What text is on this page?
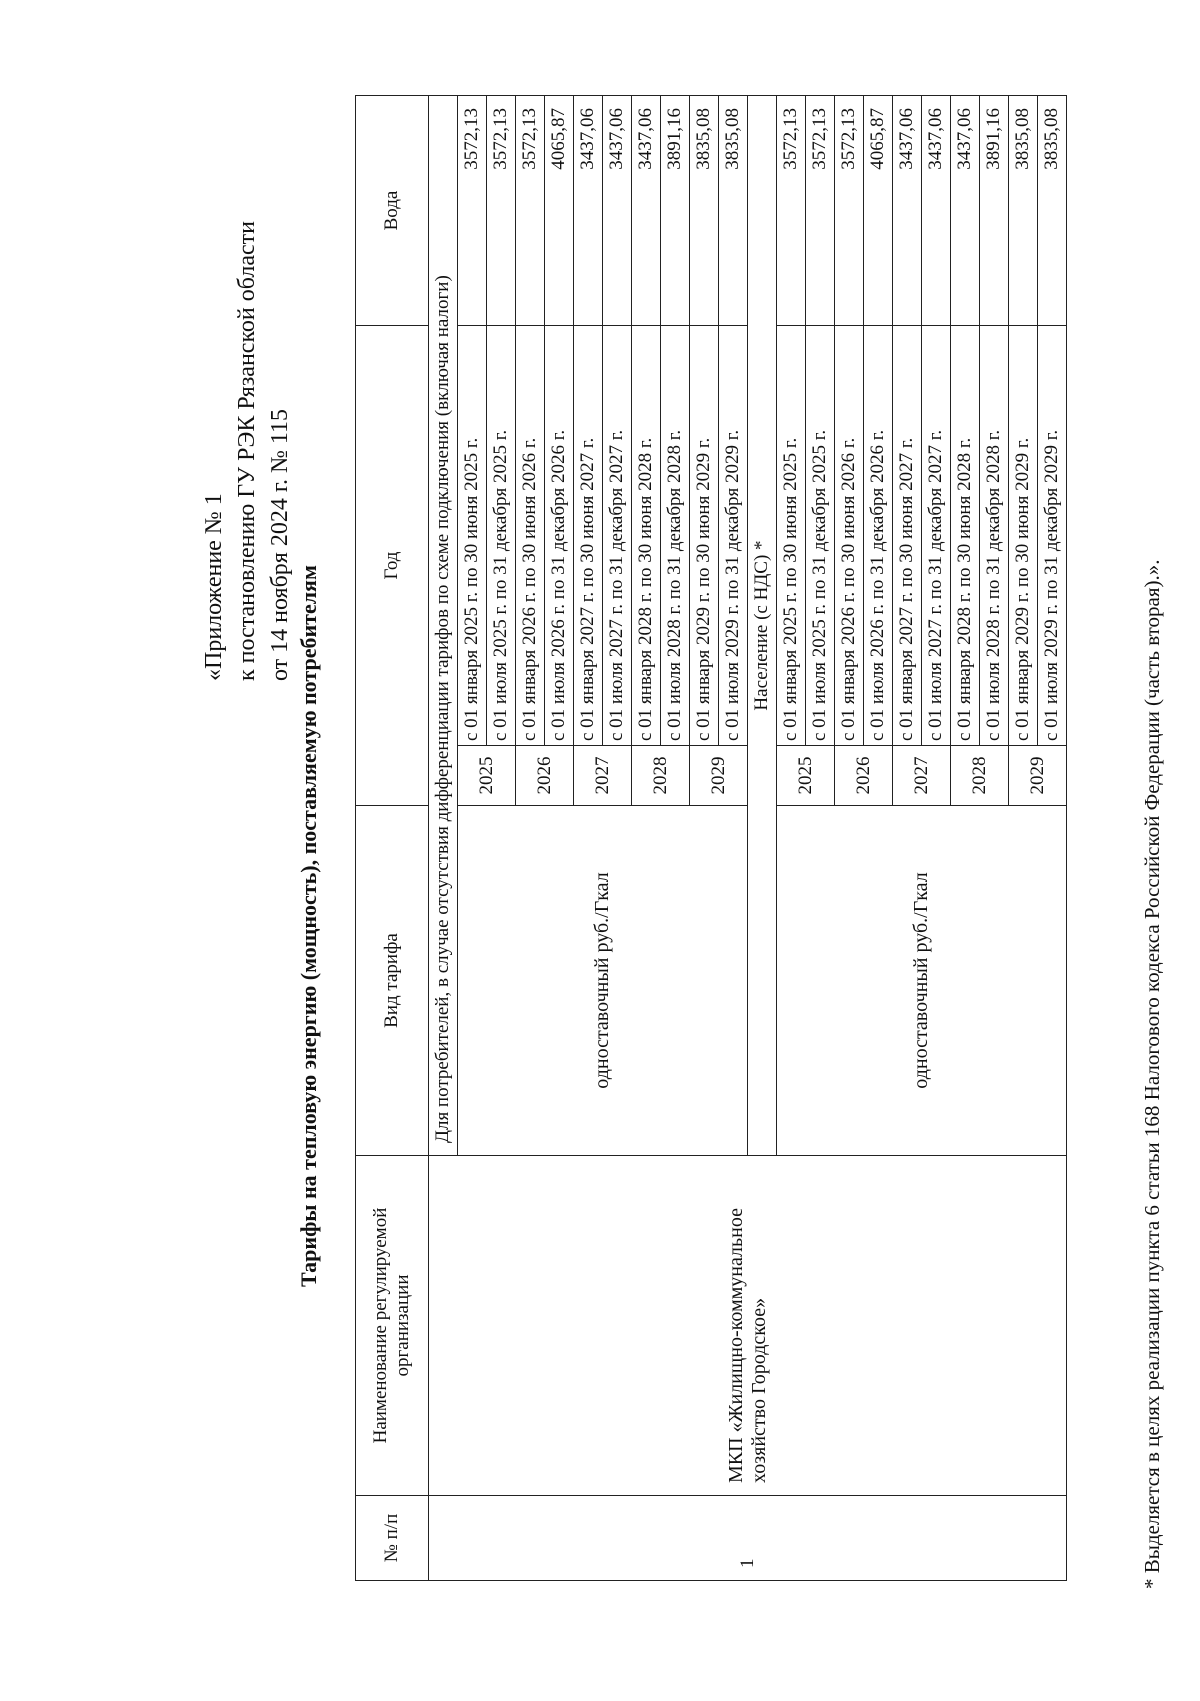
«Приложение № 1 к постановлению ГУ РЭК Рязанской области от 14 ноября 2024 г. № 115
Тарифы на тепловую энергию (мощность), поставляемую потребителям
№ п/п	Наименование регулируемой организации	Вид тарифа	Год		Вода
1	МКП «Жилищно-коммунальное хозяйство Городское»	Для потребителей, в случае отсутствия дифференциации тарифов по схеме подключения (включая налоги)			
		одноставочный руб./Гкал	2025	с 01 января 2025 г. по 30 июня 2025 г.	3572,13
				с 01 июля 2025 г. по 31 декабря 2025 г.	3572,13
			2026	с 01 января 2026 г. по 30 июня 2026 г.	3572,13
				с 01 июля 2026 г. по 31 декабря 2026 г.	4065,87
			2027	с 01 января 2027 г. по 30 июня 2027 г.	3437,06
				с 01 июля 2027 г. по 31 декабря 2027 г.	3437,06
			2028	с 01 января 2028 г. по 30 июня 2028 г.	3437,06
				с 01 июля 2028 г. по 31 декабря 2028 г.	3891,16
			2029	с 01 января 2029 г. по 30 июня 2029 г.	3835,08
				с 01 июля 2029 г. по 31 декабря 2029 г.	3835,08
		Население (с НДС) *			
		одноставочный руб./Гкал	2025	с 01 января 2025 г. по 30 июня 2025 г.	3572,13
				с 01 июля 2025 г. по 31 декабря 2025 г.	3572,13
			2026	с 01 января 2026 г. по 30 июня 2026 г.	3572,13
				с 01 июля 2026 г. по 31 декабря 2026 г.	4065,87
			2027	с 01 января 2027 г. по 30 июня 2027 г.	3437,06
				с 01 июля 2027 г. по 31 декабря 2027 г.	3437,06
			2028	с 01 января 2028 г. по 30 июня 2028 г.	3437,06
				с 01 июля 2028 г. по 31 декабря 2028 г.	3891,16
			2029	с 01 января 2029 г. по 30 июня 2029 г.	3835,08
				с 01 июля 2029 г. по 31 декабря 2029 г.	3835,08
* Выделяется в целях реализации пункта 6 статьи 168 Налогового кодекса Российской Федерации (часть вторая).».
